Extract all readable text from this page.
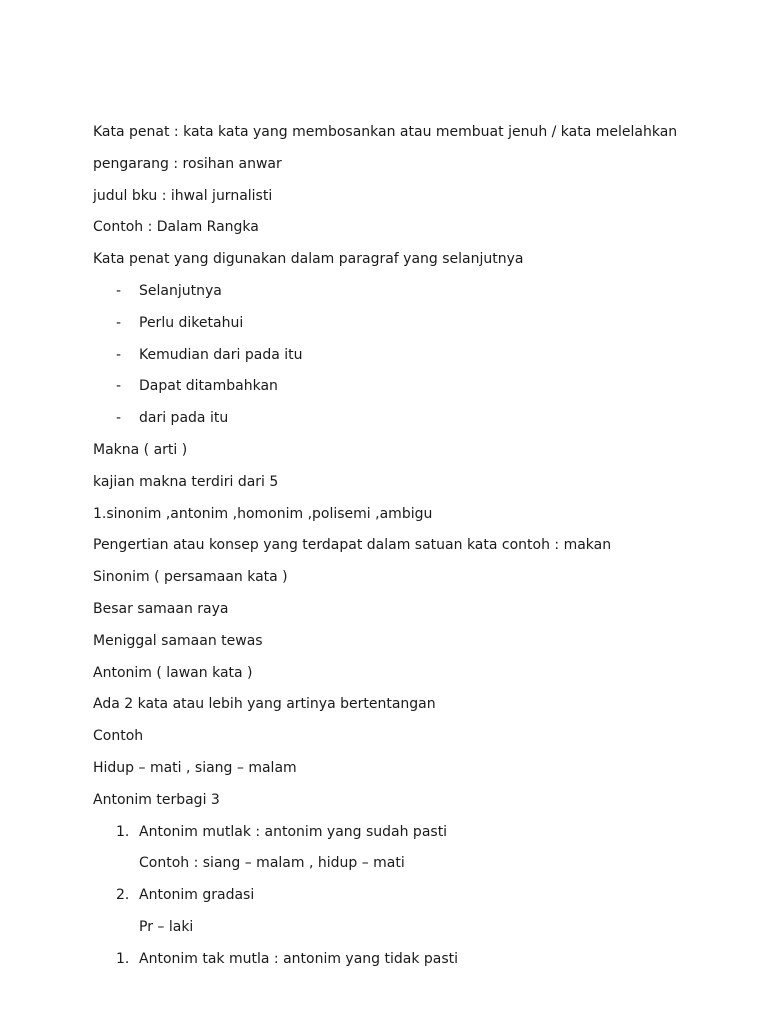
Kata penat : kata kata yang membosankan atau membuat jenuh / kata melelahkan
pengarang : rosihan anwar
judul bku : ihwal jurnalisti
Contoh : Dalam Rangka
Kata penat yang digunakan dalam paragraf yang selanjutnya
- Selanjutnya
- Perlu diketahui
- Kemudian dari pada itu
- Dapat ditambahkan
- dari pada itu
Makna ( arti )
kajian makna terdiri dari 5
1.sinonim ,antonim ,homonim ,polisemi ,ambigu
Pengertian atau konsep yang terdapat dalam satuan kata contoh : makan
Sinonim ( persamaan kata )
Besar samaan raya
Meniggal samaan tewas
Antonim ( lawan kata )
Ada 2 kata atau lebih yang artinya bertentangan
Contoh
Hidup – mati , siang – malam
Antonim terbagi 3
1. Antonim mutlak : antonim yang sudah pasti
Contoh : siang – malam , hidup – mati
2. Antonim gradasi
Pr – laki
1. Antonim tak mutla : antonim yang tidak pasti
